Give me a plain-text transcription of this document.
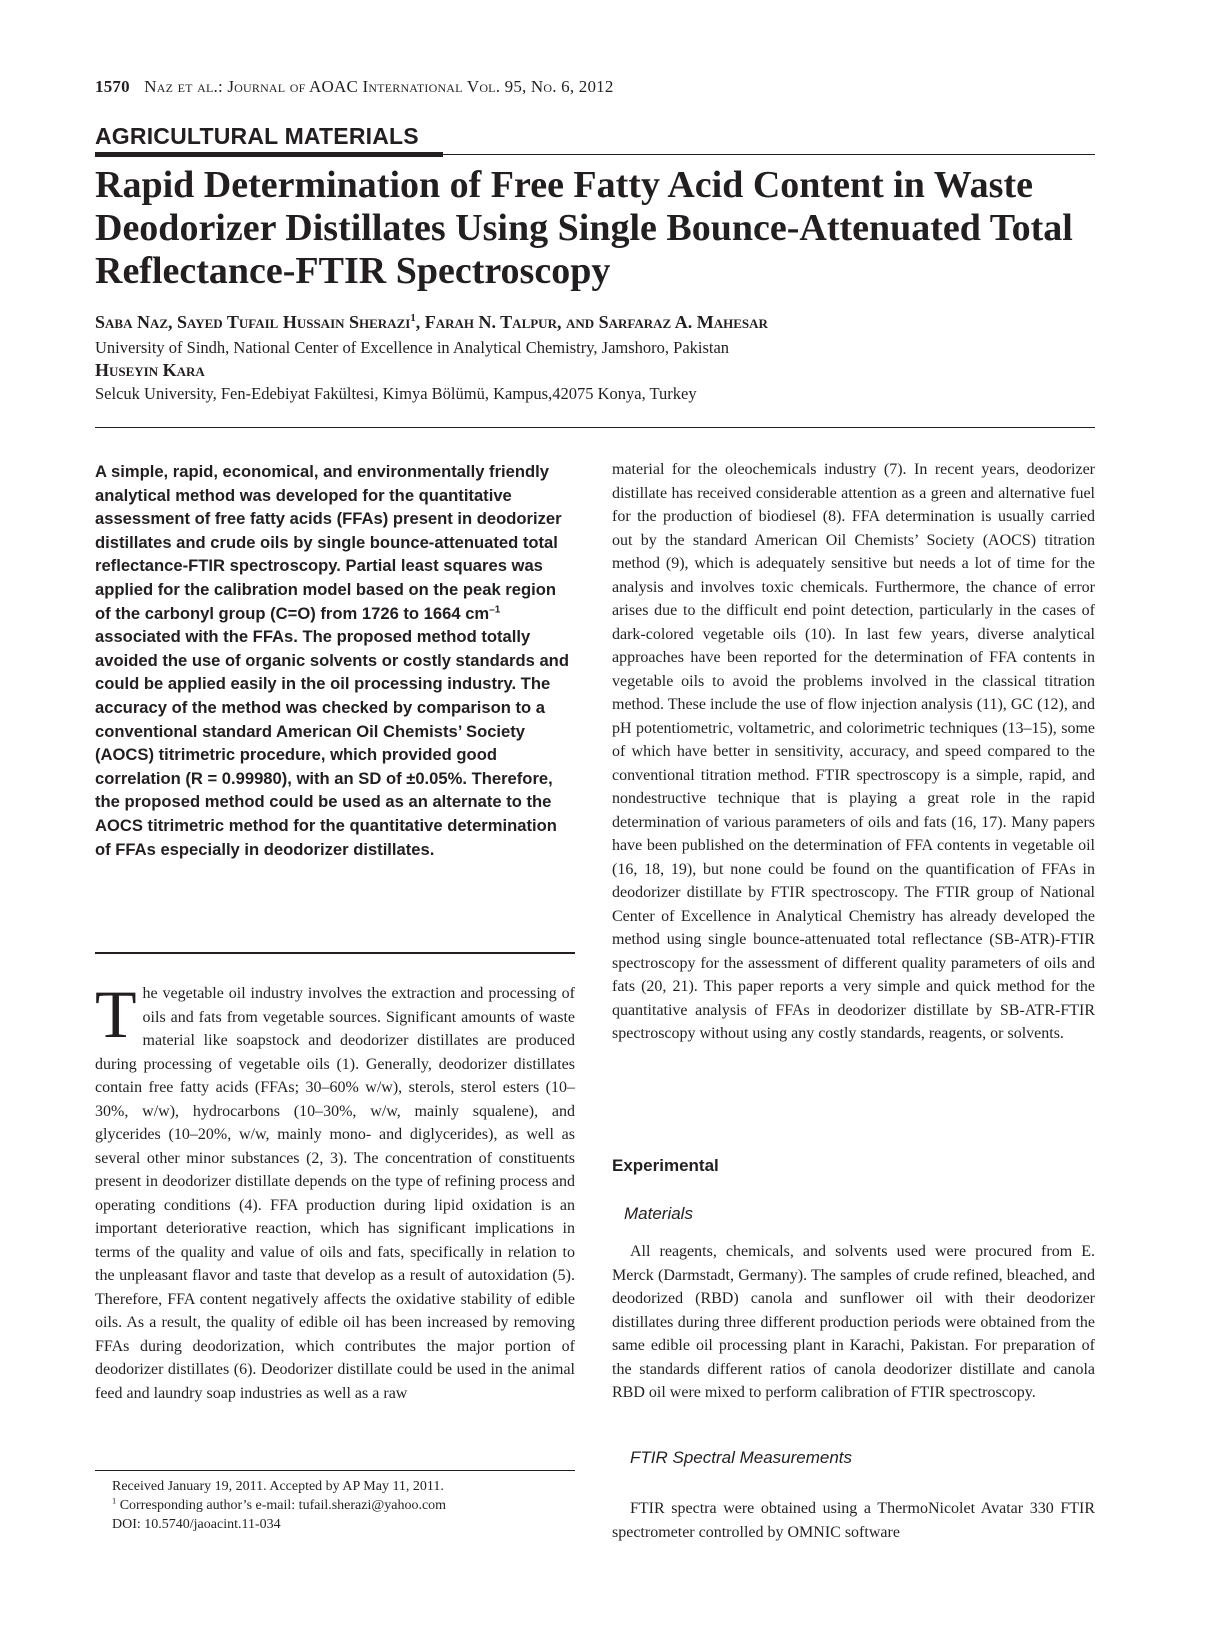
1570 Naz et al.: Journal of AOAC International Vol. 95, No. 6, 2012
AGRICULTURAL MATERIALS
Rapid Determination of Free Fatty Acid Content in Waste Deodorizer Distillates Using Single Bounce-Attenuated Total Reflectance-FTIR Spectroscopy
Saba Naz, Sayed Tufail Hussain Sherazi$^1$, Farah N. Talpur, and Sarfaraz A. Mahesar
University of Sindh, National Center of Excellence in Analytical Chemistry, Jamshoro, Pakistan
Huseyin Kara
Selcuk University, Fen-Edebiyat Fakültesi, Kimya Bölümü, Kampus,42075 Konya, Turkey
A simple, rapid, economical, and environmentally friendly analytical method was developed for the quantitative assessment of free fatty acids (FFAs) present in deodorizer distillates and crude oils by single bounce-attenuated total reflectance-FTIR spectroscopy. Partial least squares was applied for the calibration model based on the peak region of the carbonyl group (C=O) from 1726 to 1664 $cm^{-1}$ associated with the FFAs. The proposed method totally avoided the use of organic solvents or costly standards and could be applied easily in the oil processing industry. The accuracy of the method was checked by comparison to a conventional standard American Oil Chemists’ Society (AOCS) titrimetric procedure, which provided good correlation (R = 0.99980), with an SD of ±0.05%. Therefore, the proposed method could be used as an alternate to the AOCS titrimetric method for the quantitative determination of FFAs especially in deodorizer distillates.
The vegetable oil industry involves the extraction and processing of oils and fats from vegetable sources. Significant amounts of waste material like soapstock and deodorizer distillates are produced during processing of vegetable oils (1). Generally, deodorizer distillates contain free fatty acids (FFAs; 30–60% w/w), sterols, sterol esters (10–30%, w/w), hydrocarbons (10–30%, w/w, mainly squalene), and glycerides (10–20%, w/w, mainly mono- and diglycerides), as well as several other minor substances (2, 3). The concentration of constituents present in deodorizer distillate depends on the type of refining process and operating conditions (4). FFA production during lipid oxidation is an important deteriorative reaction, which has significant implications in terms of the quality and value of oils and fats, specifically in relation to the unpleasant flavor and taste that develop as a result of autoxidation (5). Therefore, FFA content negatively affects the oxidative stability of edible oils. As a result, the quality of edible oil has been increased by removing FFAs during deodorization, which contributes the major portion of deodorizer distillates (6). Deodorizer distillate could be used in the animal feed and laundry soap industries as well as a raw
Received January 19, 2011. Accepted by AP May 11, 2011.
$^1$ Corresponding author’s e-mail: tufail.sherazi@yahoo.com
DOI: 10.5740/jaoacint.11-034
material for the oleochemicals industry (7). In recent years, deodorizer distillate has received considerable attention as a green and alternative fuel for the production of biodiesel (8). FFA determination is usually carried out by the standard American Oil Chemists’ Society (AOCS) titration method (9), which is adequately sensitive but needs a lot of time for the analysis and involves toxic chemicals. Furthermore, the chance of error arises due to the difficult end point detection, particularly in the cases of dark-colored vegetable oils (10). In last few years, diverse analytical approaches have been reported for the determination of FFA contents in vegetable oils to avoid the problems involved in the classical titration method. These include the use of flow injection analysis (11), GC (12), and pH potentiometric, voltametric, and colorimetric techniques (13–15), some of which have better in sensitivity, accuracy, and speed compared to the conventional titration method. FTIR spectroscopy is a simple, rapid, and nondestructive technique that is playing a great role in the rapid determination of various parameters of oils and fats (16, 17). Many papers have been published on the determination of FFA contents in vegetable oil (16, 18, 19), but none could be found on the quantification of FFAs in deodorizer distillate by FTIR spectroscopy. The FTIR group of National Center of Excellence in Analytical Chemistry has already developed the method using single bounce-attenuated total reflectance (SB-ATR)-FTIR spectroscopy for the assessment of different quality parameters of oils and fats (20, 21). This paper reports a very simple and quick method for the quantitative analysis of FFAs in deodorizer distillate by SB-ATR-FTIR spectroscopy without using any costly standards, reagents, or solvents.
Experimental
Materials
All reagents, chemicals, and solvents used were procured from E. Merck (Darmstadt, Germany). The samples of crude refined, bleached, and deodorized (RBD) canola and sunflower oil with their deodorizer distillates during three different production periods were obtained from the same edible oil processing plant in Karachi, Pakistan. For preparation of the standards different ratios of canola deodorizer distillate and canola RBD oil were mixed to perform calibration of FTIR spectroscopy.
FTIR Spectral Measurements
FTIR spectra were obtained using a ThermoNicolet Avatar 330 FTIR spectrometer controlled by OMNIC software
